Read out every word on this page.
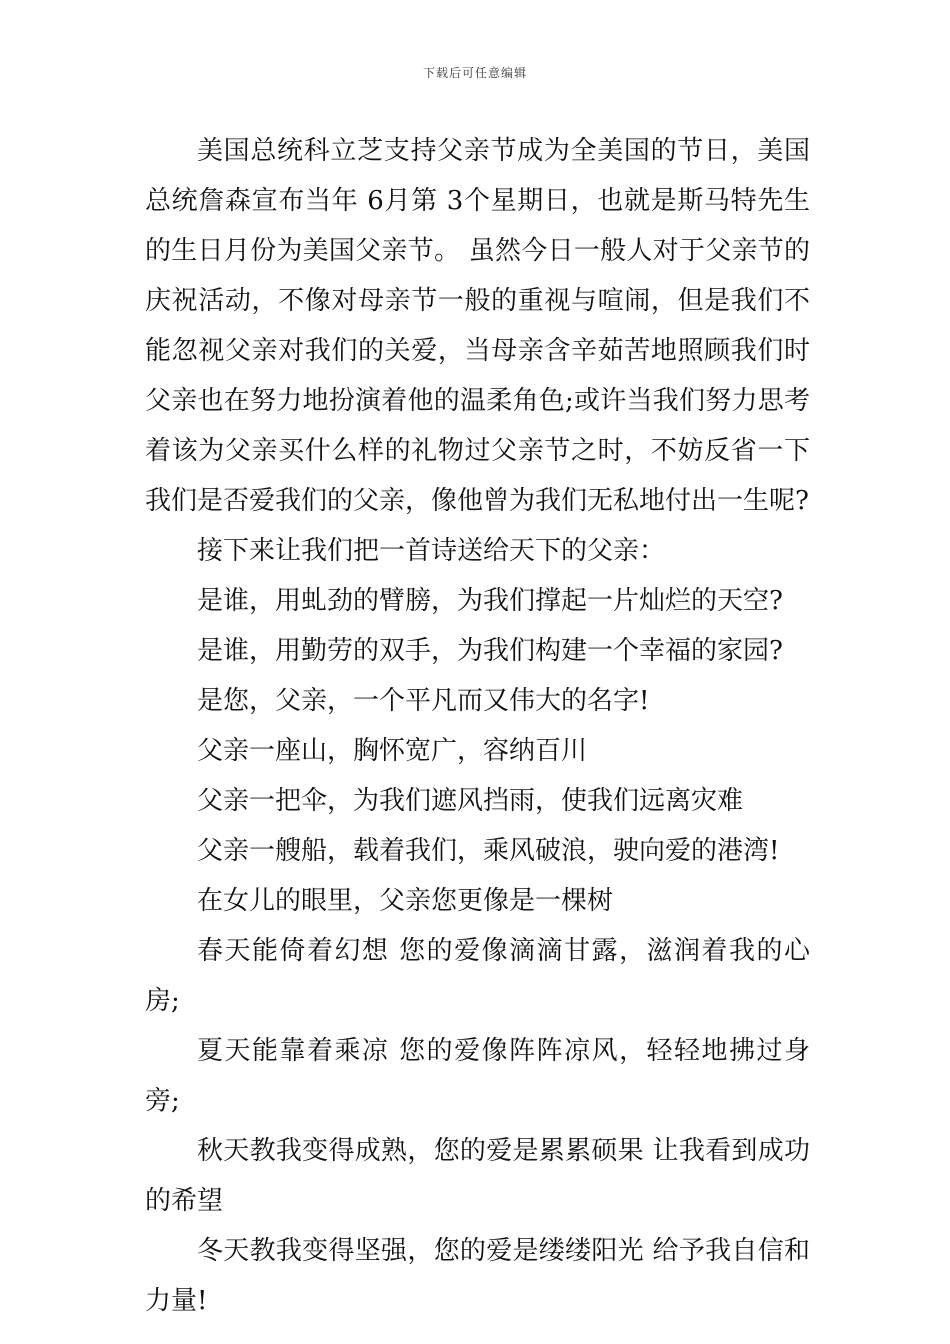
下载后可任意编辑

美国总统科立芝支持父亲节成为全美国的节日，美国总统詹森宣布当年 6月第 3个星期日，也就是斯马特先生的生日月份为美国父亲节。 虽然今日一般人对于父亲节的庆祝活动，不像对母亲节一般的重视与喧闹，但是我们不能忽视父亲对我们的关爱，当母亲含辛茹苦地照顾我们时父亲也在努力地扮演着他的温柔角色;或许当我们努力思考着该为父亲买什么样的礼物过父亲节之时，不妨反省一下我们是否爱我们的父亲，像他曾为我们无私地付出一生呢?

接下来让我们把一首诗送给天下的父亲：

是谁，用虬劲的臂膀，为我们撑起一片灿烂的天空?

是谁，用勤劳的双手，为我们构建一个幸福的家园?

是您，父亲，一个平凡而又伟大的名字!

父亲一座山，胸怀宽广，容纳百川

父亲一把伞，为我们遮风挡雨，使我们远离灾难

父亲一艘船，载着我们，乘风破浪，驶向爱的港湾!

在女儿的眼里，父亲您更像是一棵树

春天能倚着幻想 您的爱像滴滴甘露，滋润着我的心房;

夏天能靠着乘凉 您的爱像阵阵凉风，轻轻地拂过身旁;

秋天教我变得成熟，您的爱是累累硕果 让我看到成功的希望

冬天教我变得坚强，您的爱是缕缕阳光 给予我自信和力量!
